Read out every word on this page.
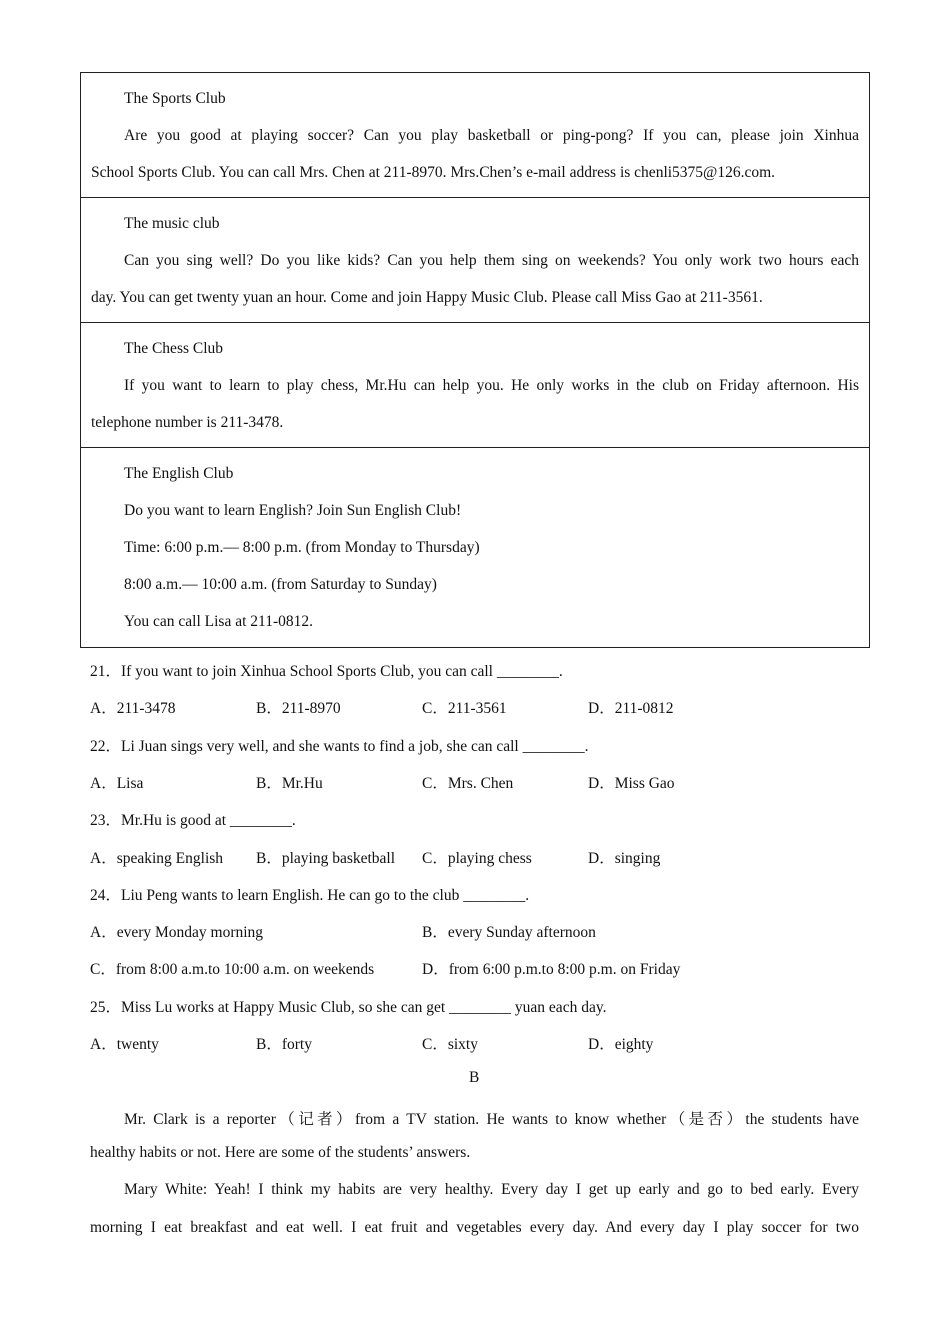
The Sports Club
Are you good at playing soccer? Can you play basketball or ping-pong? If you can, please join Xinhua
School Sports Club. You can call Mrs. Chen at 211-8970. Mrs.Chen’s e-mail address is chenli5375@126.com.
The music club
Can you sing well? Do you like kids? Can you help them sing on weekends? You only work two hours each
day. You can get twenty yuan an hour. Come and join Happy Music Club. Please call Miss Gao at 211-3561.
The Chess Club
If you want to learn to play chess, Mr.Hu can help you. He only works in the club on Friday afternoon. His
telephone number is 211-3478.
The English Club
Do you want to learn English? Join Sun English Club!
Time: 6:00 p.m.— 8:00 p.m. (from Monday to Thursday)
8:00 a.m.— 10:00 a.m. (from Saturday to Sunday)
You can call Lisa at 211-0812.
21．If you want to join Xinhua School Sports Club, you can call ________.
A．211-3478	B．211-8970	C．211-3561	D．211-0812
22．Li Juan sings very well, and she wants to find a job, she can call ________.
A．Lisa	B．Mr.Hu	C．Mrs. Chen	D．Miss Gao
23．Mr.Hu is good at ________.
A．speaking English B．playing basketball C．playing chess	D．singing
24．Liu Peng wants to learn English. He can go to the club ________.
A．every Monday morning	B．every Sunday afternoon
C．from 8:00 a.m.to 10:00 a.m. on weekends	D．from 6:00 p.m.to 8:00 p.m. on Friday
25．Miss Lu works at Happy Music Club, so she can get ________ yuan each day.
A．twenty	B．forty	C．sixty	D．eighty
B
Mr. Clark is a reporter（记者）from a TV station. He wants to know whether（是否）the students have
healthy habits or not. Here are some of the students’ answers.
Mary White: Yeah! I think my habits are very healthy. Every day I get up early and go to bed early. Every
morning I eat breakfast and eat well. I eat fruit and vegetables every day. And every day I play soccer for two
